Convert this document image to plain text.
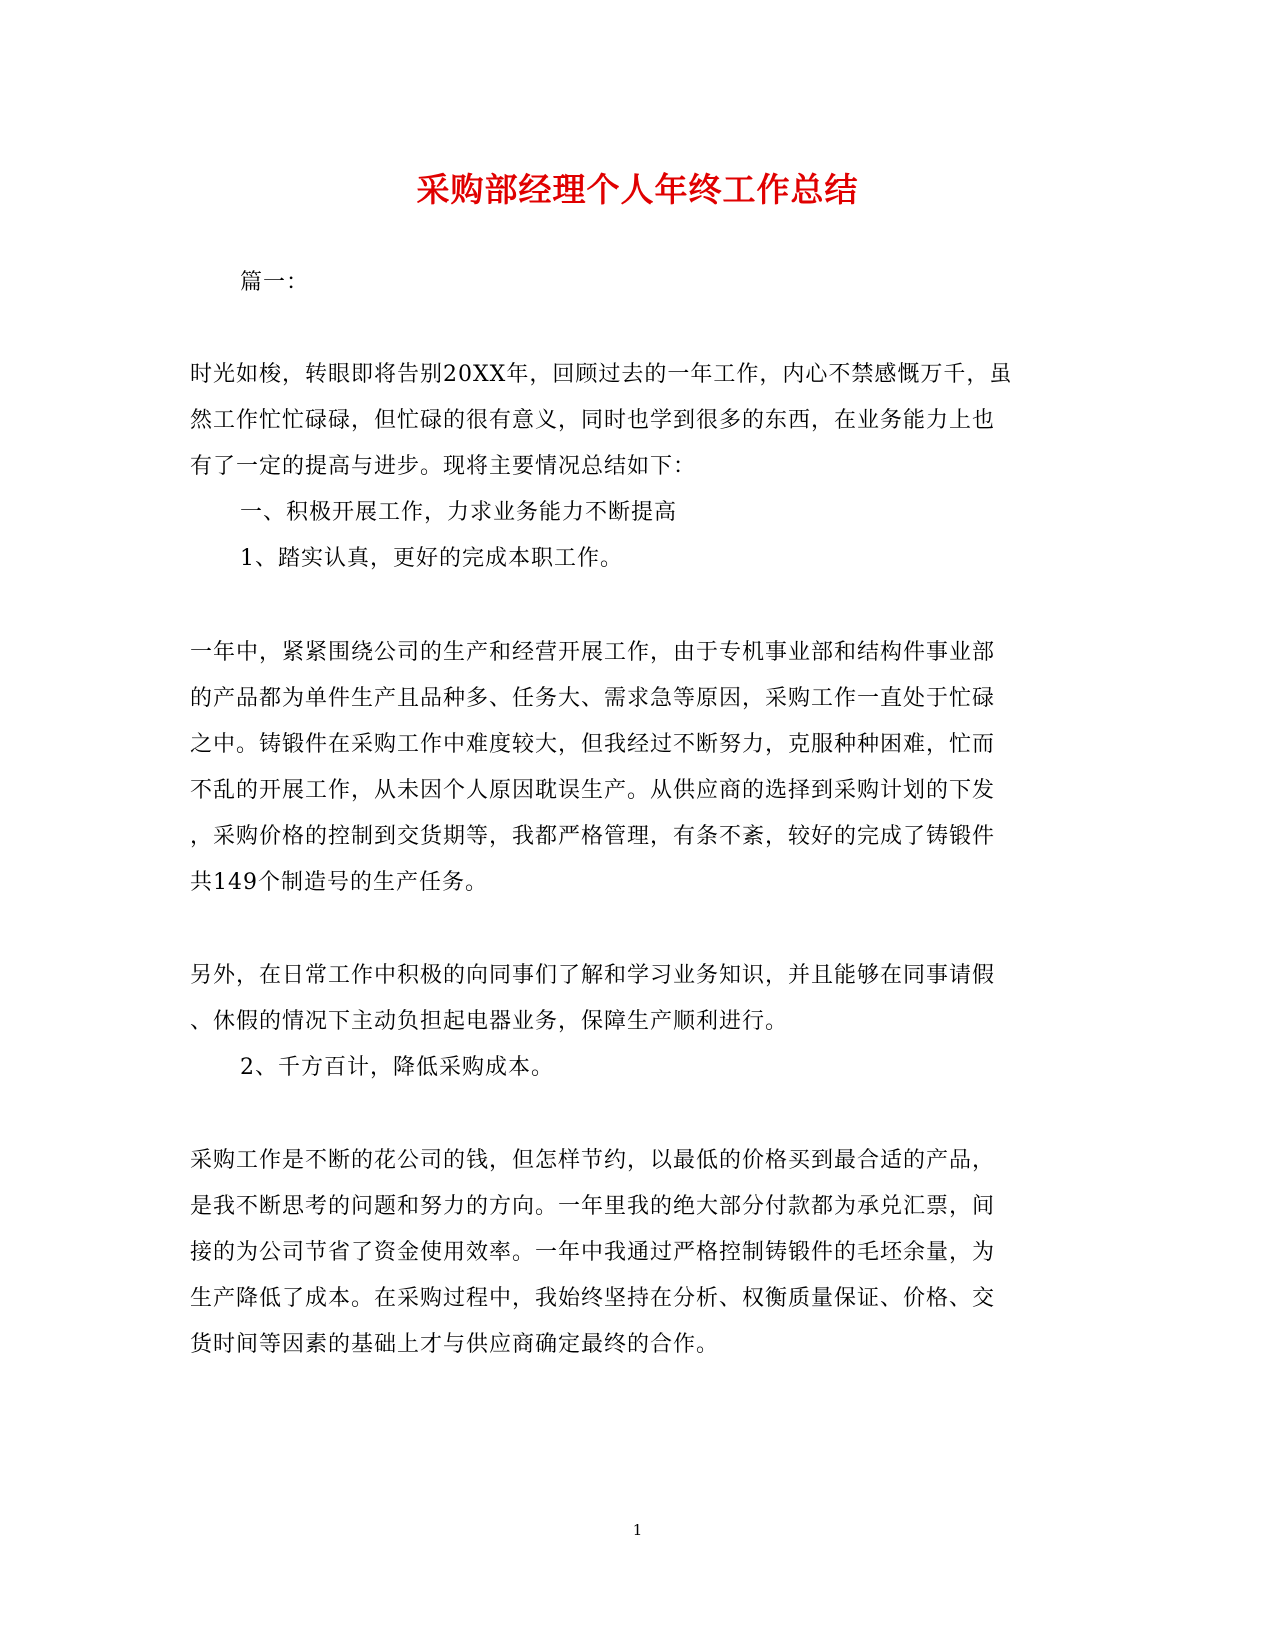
采购部经理个人年终工作总结
篇一：
时光如梭，转眼即将告别20XX年，回顾过去的一年工作，内心不禁感慨万千，虽
然工作忙忙碌碌，但忙碌的很有意义，同时也学到很多的东西，在业务能力上也
有了一定的提高与进步。现将主要情况总结如下：
一、积极开展工作，力求业务能力不断提高
1、踏实认真，更好的完成本职工作。
一年中，紧紧围绕公司的生产和经营开展工作，由于专机事业部和结构件事业部
的产品都为单件生产且品种多、任务大、需求急等原因，采购工作一直处于忙碌
之中。铸锻件在采购工作中难度较大，但我经过不断努力，克服种种困难，忙而
不乱的开展工作，从未因个人原因耽误生产。从供应商的选择到采购计划的下发
，采购价格的控制到交货期等，我都严格管理，有条不紊，较好的完成了铸锻件
共149个制造号的生产任务。
另外，在日常工作中积极的向同事们了解和学习业务知识，并且能够在同事请假
、休假的情况下主动负担起电器业务，保障生产顺利进行。
2、千方百计，降低采购成本。
采购工作是不断的花公司的钱，但怎样节约，以最低的价格买到最合适的产品，
是我不断思考的问题和努力的方向。一年里我的绝大部分付款都为承兑汇票，间
接的为公司节省了资金使用效率。一年中我通过严格控制铸锻件的毛坯余量，为
生产降低了成本。在采购过程中，我始终坚持在分析、权衡质量保证、价格、交
货时间等因素的基础上才与供应商确定最终的合作。
1
